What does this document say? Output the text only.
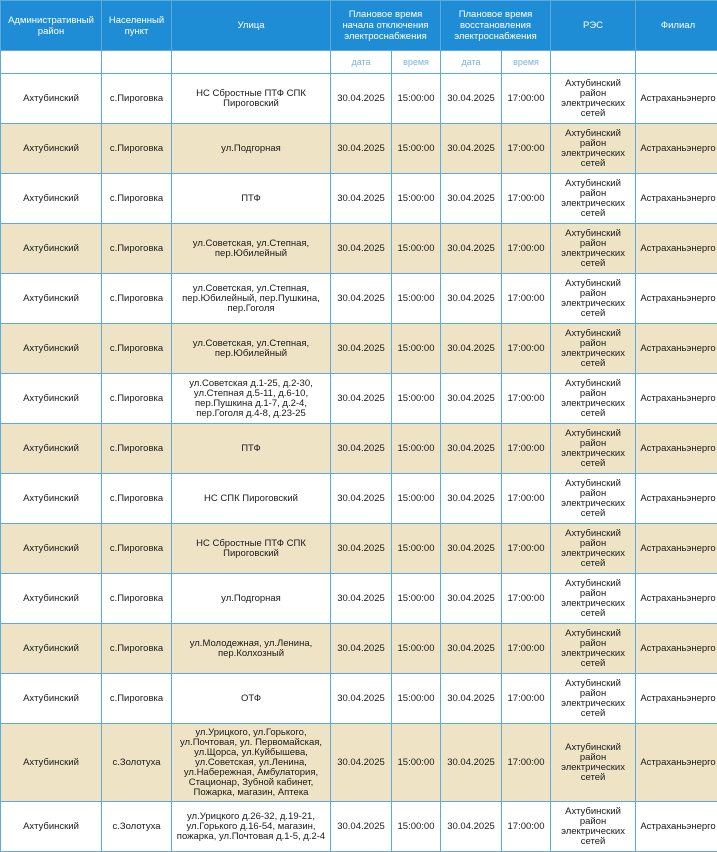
Административный район	Населенный пункт	Улица	Плановое время начала отключения электроснабжения		Плановое время восстановления электроснабжения		РЭС	Филиал
			дата	время	дата	время		
Ахтубинский	с.Пироговка	НС Сбростные ПТФ СПК Пироговский	30.04.2025	15:00:00	30.04.2025	17:00:00	Ахтубинский район электрических сетей	Астраханьэнерго
Ахтубинский	с.Пироговка	ул.Подгорная	30.04.2025	15:00:00	30.04.2025	17:00:00	Ахтубинский район электрических сетей	Астраханьэнерго
Ахтубинский	с.Пироговка	ПТФ	30.04.2025	15:00:00	30.04.2025	17:00:00	Ахтубинский район электрических сетей	Астраханьэнерго
Ахтубинский	с.Пироговка	ул.Советская, ул.Степная, пер.Юбилейный	30.04.2025	15:00:00	30.04.2025	17:00:00	Ахтубинский район электрических сетей	Астраханьэнерго
Ахтубинский	с.Пироговка	ул.Советская, ул.Степная, пер.Юбилейный, пер.Пушкина, пер.Гоголя	30.04.2025	15:00:00	30.04.2025	17:00:00	Ахтубинский район электрических сетей	Астраханьэнерго
Ахтубинский	с.Пироговка	ул.Советская, ул.Степная, пер.Юбилейный	30.04.2025	15:00:00	30.04.2025	17:00:00	Ахтубинский район электрических сетей	Астраханьэнерго
Ахтубинский	с.Пироговка	ул.Советская д.1-25, д.2-30, ул.Степная д.5-11, д.6-10, пер.Пушкина д.1-7, д.2-4, пер.Гоголя д.4-8, д.23-25	30.04.2025	15:00:00	30.04.2025	17:00:00	Ахтубинский район электрических сетей	Астраханьэнерго
Ахтубинский	с.Пироговка	ПТФ	30.04.2025	15:00:00	30.04.2025	17:00:00	Ахтубинский район электрических сетей	Астраханьэнерго
Ахтубинский	с.Пироговка	НС СПК Пироговский	30.04.2025	15:00:00	30.04.2025	17:00:00	Ахтубинский район электрических сетей	Астраханьэнерго
Ахтубинский	с.Пироговка	НС Сбростные ПТФ СПК Пироговский	30.04.2025	15:00:00	30.04.2025	17:00:00	Ахтубинский район электрических сетей	Астраханьэнерго
Ахтубинский	с.Пироговка	ул.Подгорная	30.04.2025	15:00:00	30.04.2025	17:00:00	Ахтубинский район электрических сетей	Астраханьэнерго
Ахтубинский	с.Пироговка	ул.Молодежная, ул.Ленина, пер.Колхозный	30.04.2025	15:00:00	30.04.2025	17:00:00	Ахтубинский район электрических сетей	Астраханьэнерго
Ахтубинский	с.Пироговка	ОТФ	30.04.2025	15:00:00	30.04.2025	17:00:00	Ахтубинский район электрических сетей	Астраханьэнерго
Ахтубинский	с.Золотуха	ул.Урицкого, ул.Горького, ул.Почтовая, ул. Первомайская, ул.Щорса, ул.Куйбышева, ул.Советская, ул.Ленина, ул.Набережная, Амбулатория, Стационар, Зубной кабинет, Пожарка, магазин, Аптека	30.04.2025	15:00:00	30.04.2025	17:00:00	Ахтубинский район электрических сетей	Астраханьэнерго
Ахтубинский	с.Золотуха	ул.Урицкого д.26-32, д.19-21, ул.Горького д.16-54, магазин, пожарка, ул.Почтовая д.1-5, д.2-4	30.04.2025	15:00:00	30.04.2025	17:00:00	Ахтубинский район электрических сетей	Астраханьэнерго
